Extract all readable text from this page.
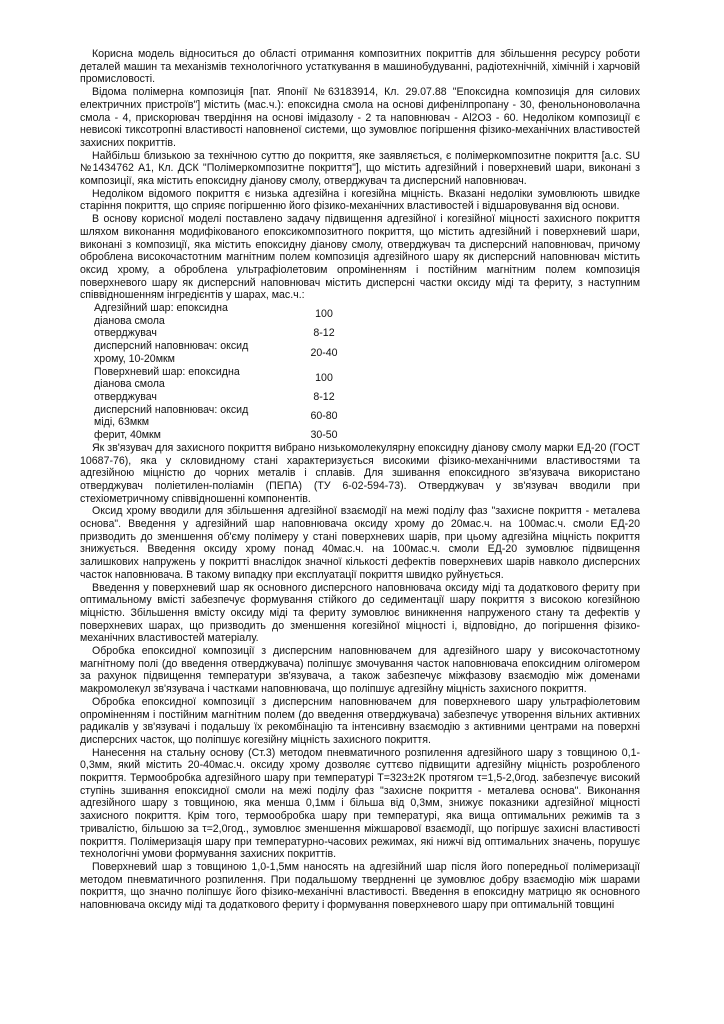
Корисна модель відноситься до області отримання композитних покриттів для збільшення ресурсу роботи деталей машин та механізмів технологічного устаткування в машинобудуванні, радіотехнічній, хімічній і харчовій промисловості.

Відома полімерна композиція [пат. Японії №63183914, Кл. 29.07.88 "Епоксидна композиція для силових електричних пристроїв"] містить (мас.ч.): епоксидна смола на основі дифенілпропану - 30, фенольноноволачна смола - 4, прискорювач твердіння на основі імідазолу - 2 та наповнювач - Al2O3 - 60. Недоліком композиції є невисокі тиксотропні властивості наповненої системи, що зумовлює погіршення фізико-механічних властивостей захисних покриттів.

Найбільш близькою за технічною суттю до покриття, яке заявляється, є полімеркомпозитне покриття [а.с. SU №1434762 А1, Кл. ДСК "Полімеркомпозитне покриття"], що містить адгезійний і поверхневий шари, виконані з композиції, яка містить епоксидну діанову смолу, отверджувач та дисперсний наповнювач.

Недоліком відомого покриття є низька адгезійна і когезійна міцність. Вказані недоліки зумовлюють швидке старіння покриття, що сприяє погіршенню його фізико-механічних властивостей і відшаровування від основи.

В основу корисної моделі поставлено задачу підвищення адгезійної і когезійної міцності захисного покриття шляхом виконання модифікованого епоксикомпозитного покриття, що містить адгезійний і поверхневий шари, виконані з композиції, яка містить епоксидну діанову смолу, отверджувач та дисперсний наповнювач, причому оброблена високочастотним магнітним полем композиція адгезійного шару як дисперсний наповнювач містить оксид хрому, а оброблена ультрафіолетовим опроміненням і постійним магнітним полем композиція поверхневого шару як дисперсний наповнювач містить дисперсні частки оксиду міді та фериту, з наступним співвідношенням інгредієнтів у шарах, мас.ч.:

Адгезійний шар: епоксидна діанова смола	100
отверджувач	8-12
дисперсний наповнювач: оксид хрому, 10-20мкм	20-40
Поверхневий шар: епоксидна діанова смола	100
отверджувач	8-12
дисперсний наповнювач: оксид міді, 63мкм	60-80
ферит, 40мкм	30-50

Як зв'язувач для захисного покриття вибрано низькомолекулярну епоксидну діанову смолу марки ЕД-20 (ГОСТ 10687-76), яка у скловидному стані характеризується високими фізико-механічними властивостями та адгезійною міцністю до чорних металів і сплавів. Для зшивання епоксидного зв'язувача використано отверджувач поліетилен-поліамін (ПЕПА) (ТУ 6-02-594-73). Отверджувач у зв'язувач вводили при стехіометричному співвідношенні компонентів.

Оксид хрому вводили для збільшення адгезійної взаємодії на межі поділу фаз "захисне покриття - металева основа". Введення у адгезійний шар наповнювача оксиду хрому до 20мас.ч. на 100мас.ч. смоли ЕД-20 призводить до зменшення об'єму полімеру у стані поверхневих шарів, при цьому адгезійна міцність покриття знижується. Введення оксиду хрому понад 40мас.ч. на 100мас.ч. смоли ЕД-20 зумовлює підвищення залишкових напружень у покритті внаслідок значної кількості дефектів поверхневих шарів навколо дисперсних часток наповнювача. В такому випадку при експлуатації покриття швидко руйнується.

Введення у поверхневий шар як основного дисперсного наповнювача оксиду міді та додаткового фериту при оптимальному вмісті забезпечує формування стійкого до седиментації шару покриття з високою когезійною міцністю. Збільшення вмісту оксиду міді та фериту зумовлює виникнення напруженого стану та дефектів у поверхневих шарах, що призводить до зменшення когезійної міцності і, відповідно, до погіршення фізико-механічних властивостей матеріалу.

Обробка епоксидної композиції з дисперсним наповнювачем для адгезійного шару у високочастотному магнітному полі (до введення отверджувача) поліпшує змочування часток наповнювача епоксидним олігомером за рахунок підвищення температури зв'язувача, а також забезпечує міжфазову взаємодію між доменами макромолекул зв'язувача і частками наповнювача, що поліпшує адгезійну міцність захисного покриття.

Обробка епоксидної композиції з дисперсним наповнювачем для поверхневого шару ультрафіолетовим опроміненням і постійним магнітним полем (до введення отверджувача) забезпечує утворення вільних активних радикалів у зв'язувачі і подальшу їх рекомбінацію та інтенсивну взаємодію з активними центрами на поверхні дисперсних часток, що поліпшує когезійну міцність захисного покриття.

Нанесення на стальну основу (Ст.3) методом пневматичного розпилення адгезійного шару з товщиною 0,1-0,3мм, який містить 20-40мас.ч. оксиду хрому дозволяє суттєво підвищити адгезійну міцність розробленого покриття. Термообробка адгезійного шару при температурі Т=323±2К протягом τ=1,5-2,0год. забезпечує високий ступінь зшивання епоксидної смоли на межі поділу фаз "захисне покриття - металева основа". Виконання адгезійного шару з товщиною, яка менша 0,1мм і більша від 0,3мм, знижує показники адгезійної міцності захисного покриття. Крім того, термообробка шару при температурі, яка вища оптимальних режимів та з тривалістю, більшою за τ=2,0год., зумовлює зменшення міжшарової взаємодії, що погіршує захисні властивості покриття. Полімеризація шару при температурно-часових режимах, які нижчі від оптимальних значень, порушує технологічні умови формування захисних покриттів.

Поверхневий шар з товщиною 1,0-1,5мм наносять на адгезійний шар після його попередньої полімеризації методом пневматичного розпилення. При подальшому твердненні це зумовлює добру взаємодію між шарами покриття, що значно поліпшує його фізико-механічні властивості. Введення в епоксидну матрицю як основного наповнювача оксиду міді та додаткового фериту і формування поверхневого шару при оптимальній товщині
